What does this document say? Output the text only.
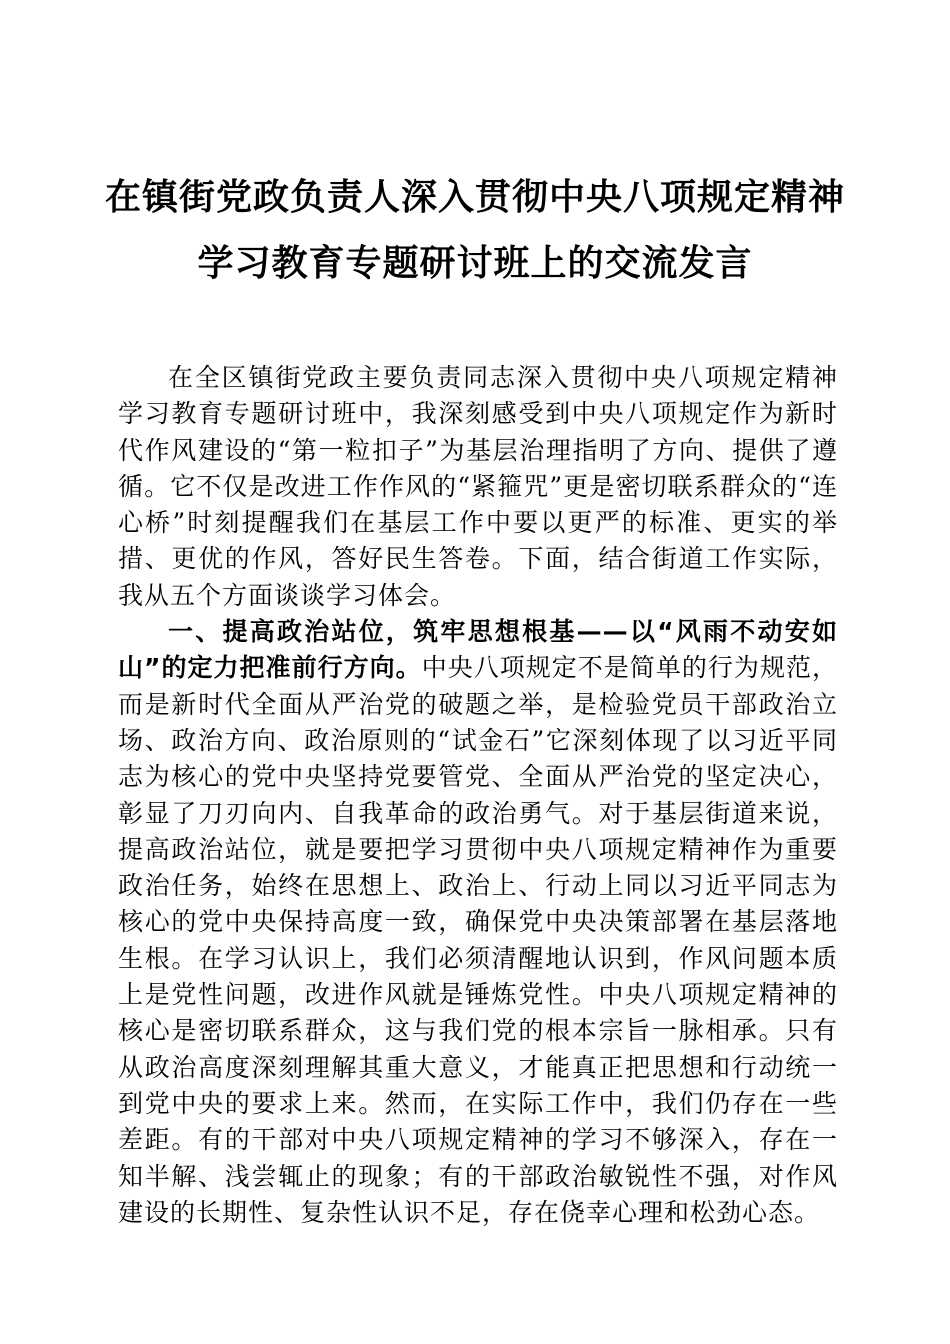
在镇街党政负责人深入贯彻中央八项规定精神
学习教育专题研讨班上的交流发言

在全区镇街党政主要负责同志深入贯彻中央八项规定精神学习教育专题研讨班中，我深刻感受到中央八项规定作为新时代作风建设的“第一粒扣子”为基层治理指明了方向、提供了遵循。它不仅是改进工作作风的“紧箍咒”更是密切联系群众的“连心桥”时刻提醒我们在基层工作中要以更严的标准、更实的举措、更优的作风，答好民生答卷。下面，结合街道工作实际，我从五个方面谈谈学习体会。

一、提高政治站位，筑牢思想根基——以“风雨不动安如山”的定力把准前行方向。中央八项规定不是简单的行为规范，而是新时代全面从严治党的破题之举，是检验党员干部政治立场、政治方向、政治原则的“试金石”它深刻体现了以习近平同志为核心的党中央坚持党要管党、全面从严治党的坚定决心，彰显了刀刃向内、自我革命的政治勇气。对于基层街道来说，提高政治站位，就是要把学习贯彻中央八项规定精神作为重要政治任务，始终在思想上、政治上、行动上同以习近平同志为核心的党中央保持高度一致，确保党中央决策部署在基层落地生根。在学习认识上，我们必须清醒地认识到，作风问题本质上是党性问题，改进作风就是锤炼党性。中央八项规定精神的核心是密切联系群众，这与我们党的根本宗旨一脉相承。只有从政治高度深刻理解其重大意义，才能真正把思想和行动统一到党中央的要求上来。然而，在实际工作中，我们仍存在一些差距。有的干部对中央八项规定精神的学习不够深入，存在一知半解、浅尝辄止的现象；有的干部政治敏锐性不强，对作风建设的长期性、复杂性认识不足，存在侥幸心理和松劲心态。
